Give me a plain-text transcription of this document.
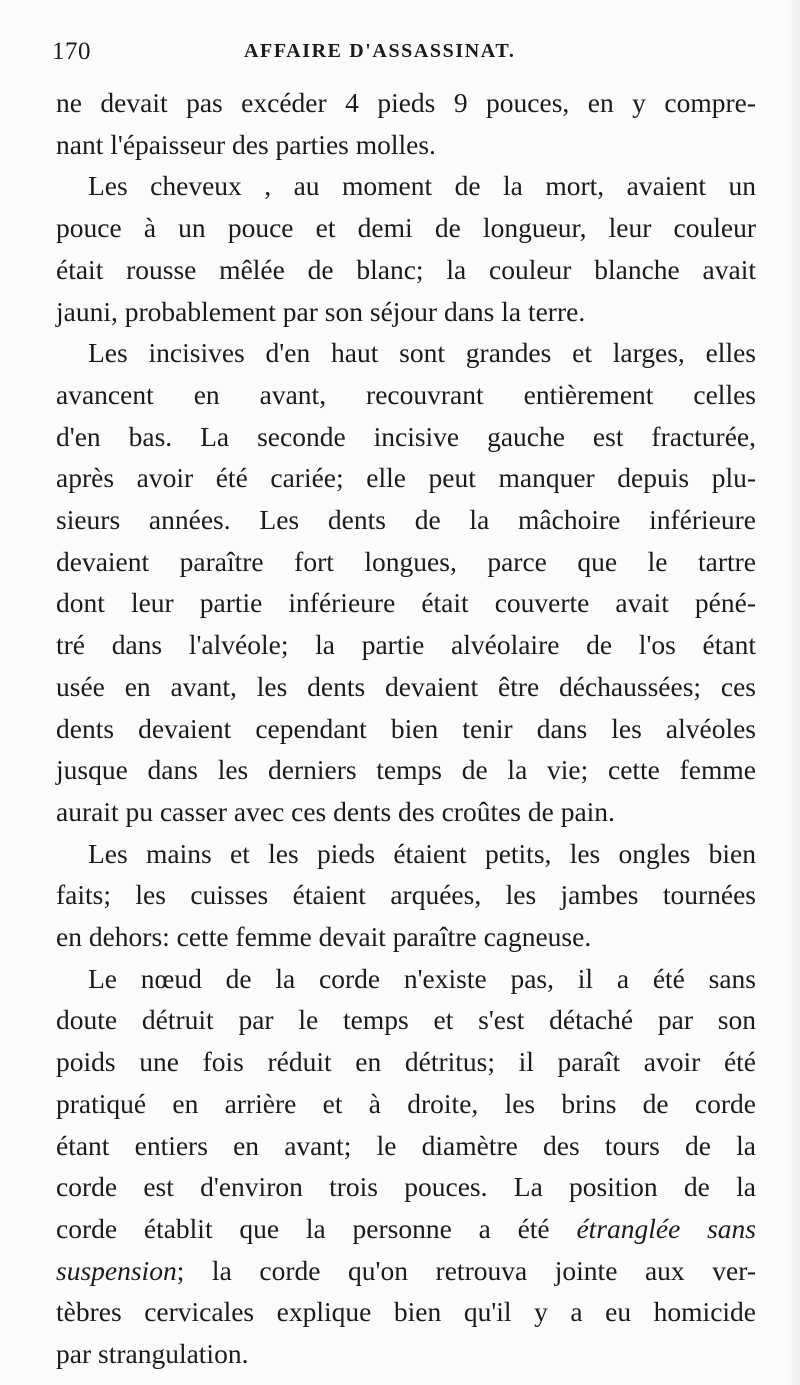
170	AFFAIRE D'ASSASSINAT.

ne devait pas excéder 4 pieds 9 pouces, en y compre-
nant l'épaisseur des parties molles.

Les cheveux , au moment de la mort, avaient un
pouce à un pouce et demi de longueur, leur couleur
était rousse mêlée de blanc; la couleur blanche avait
jauni, probablement par son séjour dans la terre.

Les incisives d'en haut sont grandes et larges, elles
avancent en avant, recouvrant entièrement celles
d'en bas. La seconde incisive gauche est fracturée,
après avoir été cariée; elle peut manquer depuis plu-
sieurs années. Les dents de la mâchoire inférieure
devaient paraître fort longues, parce que le tartre
dont leur partie inférieure était couverte avait péné-
tré dans l'alvéole; la partie alvéolaire de l'os étant
usée en avant, les dents devaient être déchaussées; ces
dents devaient cependant bien tenir dans les alvéoles
jusque dans les derniers temps de la vie; cette femme
aurait pu casser avec ces dents des croûtes de pain.

Les mains et les pieds étaient petits, les ongles bien
faits; les cuisses étaient arquées, les jambes tournées
en dehors: cette femme devait paraître cagneuse.

Le nœud de la corde n'existe pas, il a été sans
doute détruit par le temps et s'est détaché par son
poids une fois réduit en détritus; il paraît avoir été
pratiqué en arrière et à droite, les brins de corde
étant entiers en avant; le diamètre des tours de la
corde est d'environ trois pouces. La position de la
corde établit que la personne a été étranglée sans
suspension; la corde qu'on retrouva jointe aux ver-
tèbres cervicales explique bien qu'il y a eu homicide
par strangulation.
